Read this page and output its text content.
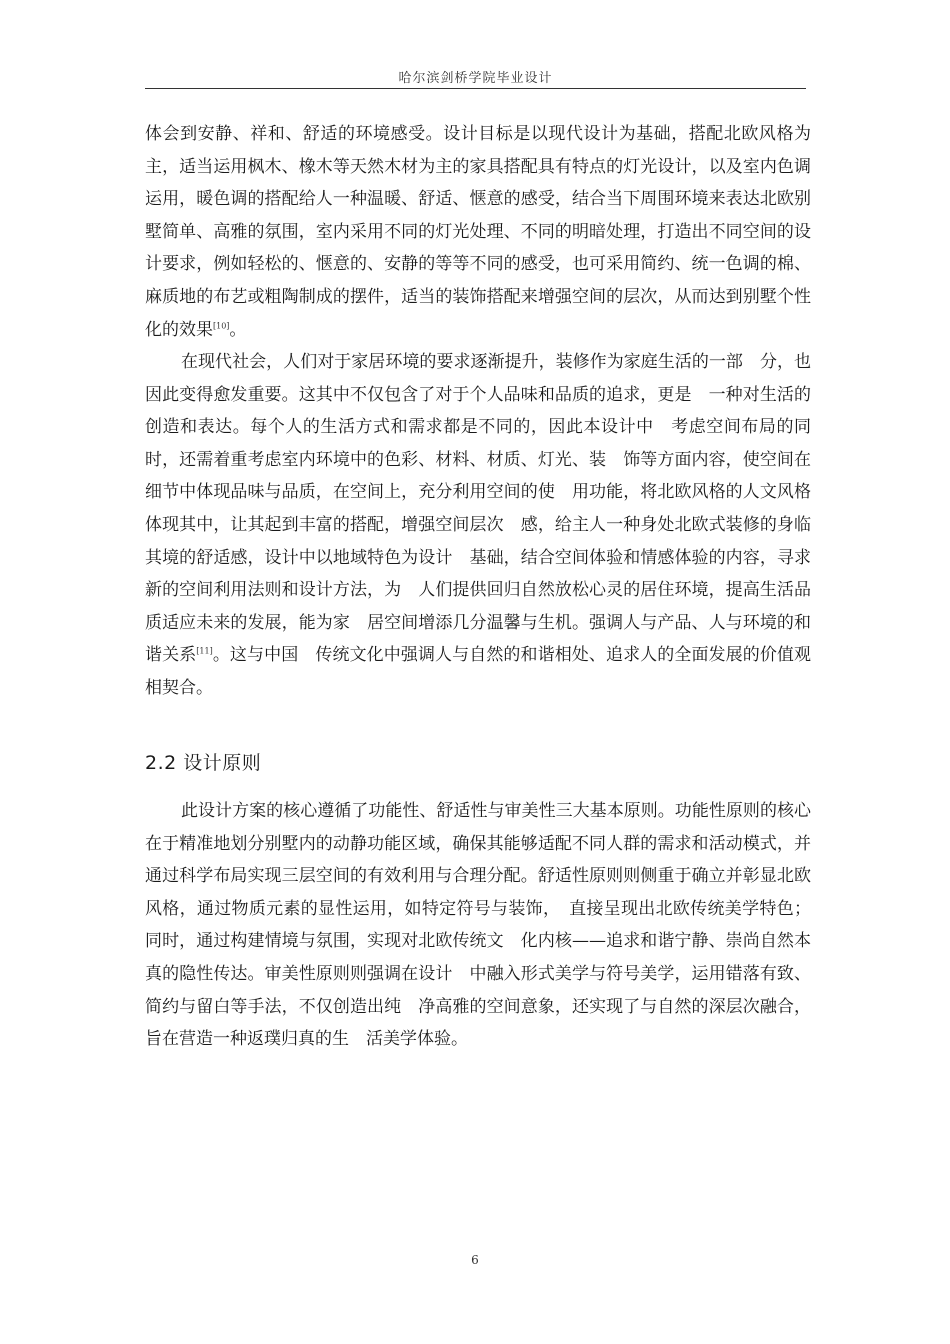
哈尔滨剑桥学院毕业设计

体会到安静、祥和、舒适的环境感受。设计目标是以现代设计为基础，搭配北欧风格为主，适当运用枫木、橡木等天然木材为主的家具搭配具有特点的灯光设计，以及室内色调运用，暖色调的搭配给人一种温暖、舒适、惬意的感受，结合当下周围环境来表达北欧别墅简单、高雅的氛围，室内采用不同的灯光处理、不同的明暗处理，打造出不同空间的设计要求，例如轻松的、惬意的、安静的等等不同的感受，也可采用简约、统一色调的棉、麻质地的布艺或粗陶制成的摆件，适当的装饰搭配来增强空间的层次，从而达到别墅个性化的效果[10]。

在现代社会，人们对于家居环境的要求逐渐提升，装修作为家庭生活的一部　分，也因此变得愈发重要。这其中不仅包含了对于个人品味和品质的追求，更是　一种对生活的创造和表达。每个人的生活方式和需求都是不同的，因此本设计中　考虑空间布局的同时，还需着重考虑室内环境中的色彩、材料、材质、灯光、装　饰等方面内容，使空间在细节中体现品味与品质，在空间上，充分利用空间的使　用功能，将北欧风格的人文风格体现其中，让其起到丰富的搭配，增强空间层次　感，给主人一种身处北欧式装修的身临其境的舒适感，设计中以地域特色为设计　基础，结合空间体验和情感体验的内容，寻求新的空间利用法则和设计方法，为　人们提供回归自然放松心灵的居住环境，提高生活品质适应未来的发展，能为家　居空间增添几分温馨与生机。强调人与产品、人与环境的和谐关系[11]。这与中国　传统文化中强调人与自然的和谐相处、追求人的全面发展的价值观相契合。

2.2 设计原则

此设计方案的核心遵循了功能性、舒适性与审美性三大基本原则。功能性原则的核心在于精准地划分别墅内的动静功能区域，确保其能够适配不同人群的需求和活动模式，并通过科学布局实现三层空间的有效利用与合理分配。舒适性原则则侧重于确立并彰显北欧风格，通过物质元素的显性运用，如特定符号与装饰，　直接呈现出北欧传统美学特色；同时，通过构建情境与氛围，实现对北欧传统文　化内核——追求和谐宁静、崇尚自然本真的隐性传达。审美性原则则强调在设计　中融入形式美学与符号美学，运用错落有致、简约与留白等手法，不仅创造出纯　净高雅的空间意象，还实现了与自然的深层次融合，旨在营造一种返璞归真的生　活美学体验。

6
